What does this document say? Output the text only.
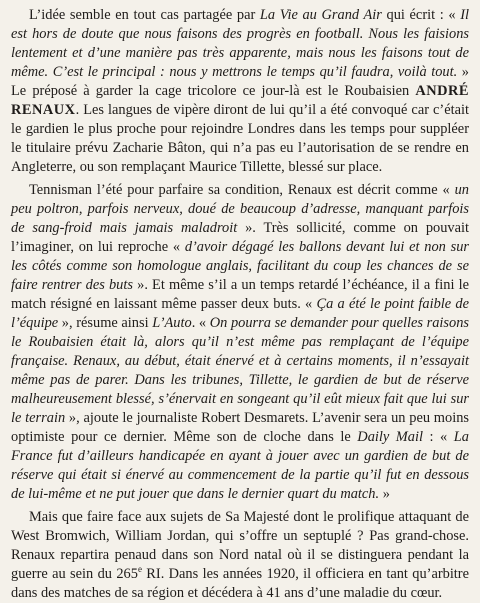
L’idée semble en tout cas partagée par La Vie au Grand Air qui écrit : « Il est hors de doute que nous faisons des progrès en football. Nous les faisions lentement et d’une manière pas très apparente, mais nous les faisons tout de même. C’est le principal : nous y mettrons le temps qu’il faudra, voilà tout. » Le préposé à garder la cage tricolore ce jour-là est le Roubaisien ANDRÉ RENAUX. Les langues de vipère diront de lui qu’il a été convoqué car c’était le gardien le plus proche pour rejoindre Londres dans les temps pour suppléer le titulaire prévu Zacharie Bâton, qui n’a pas eu l’autorisation de se rendre en Angleterre, ou son remplaçant Maurice Tillette, blessé sur place.

Tennisman l’été pour parfaire sa condition, Renaux est décrit comme « un peu poltron, parfois nerveux, doué de beaucoup d’adresse, manquant parfois de sang-froid mais jamais maladroit ». Très sollicité, comme on pouvait l’imaginer, on lui reproche « d’avoir dégagé les ballons devant lui et non sur les côtés comme son homologue anglais, facilitant du coup les chances de se faire rentrer des buts ». Et même s’il a un temps retardé l’échéance, il a fini le match résigné en laissant même passer deux buts. « Ça a été le point faible de l’équipe », résume ainsi L’Auto. « On pourra se demander pour quelles raisons le Roubaisien était là, alors qu’il n’est même pas remplaçant de l’équipe française. Renaux, au début, était énervé et à certains moments, il n’essayait même pas de parer. Dans les tribunes, Tillette, le gardien de but de réserve malheureusement blessé, s’énervait en songeant qu’il eût mieux fait que lui sur le terrain », ajoute le journaliste Robert Desmarets. L’avenir sera un peu moins optimiste pour ce dernier. Même son de cloche dans le Daily Mail : « La France fut d’ailleurs handicapée en ayant à jouer avec un gardien de but de réserve qui était si énervé au commencement de la partie qu’il fut en dessous de lui-même et ne put jouer que dans le dernier quart du match. »

Mais que faire face aux sujets de Sa Majesté dont le prolifique attaquant de West Bromwich, William Jordan, qui s’offre un septuplé ? Pas grand-chose. Renaux repartira penaud dans son Nord natal où il se distinguera pendant la guerre au sein du 265e RI. Dans les années 1920, il officiera en tant qu’arbitre dans des matches de sa région et décédera à 41 ans d’une maladie du cœur.
